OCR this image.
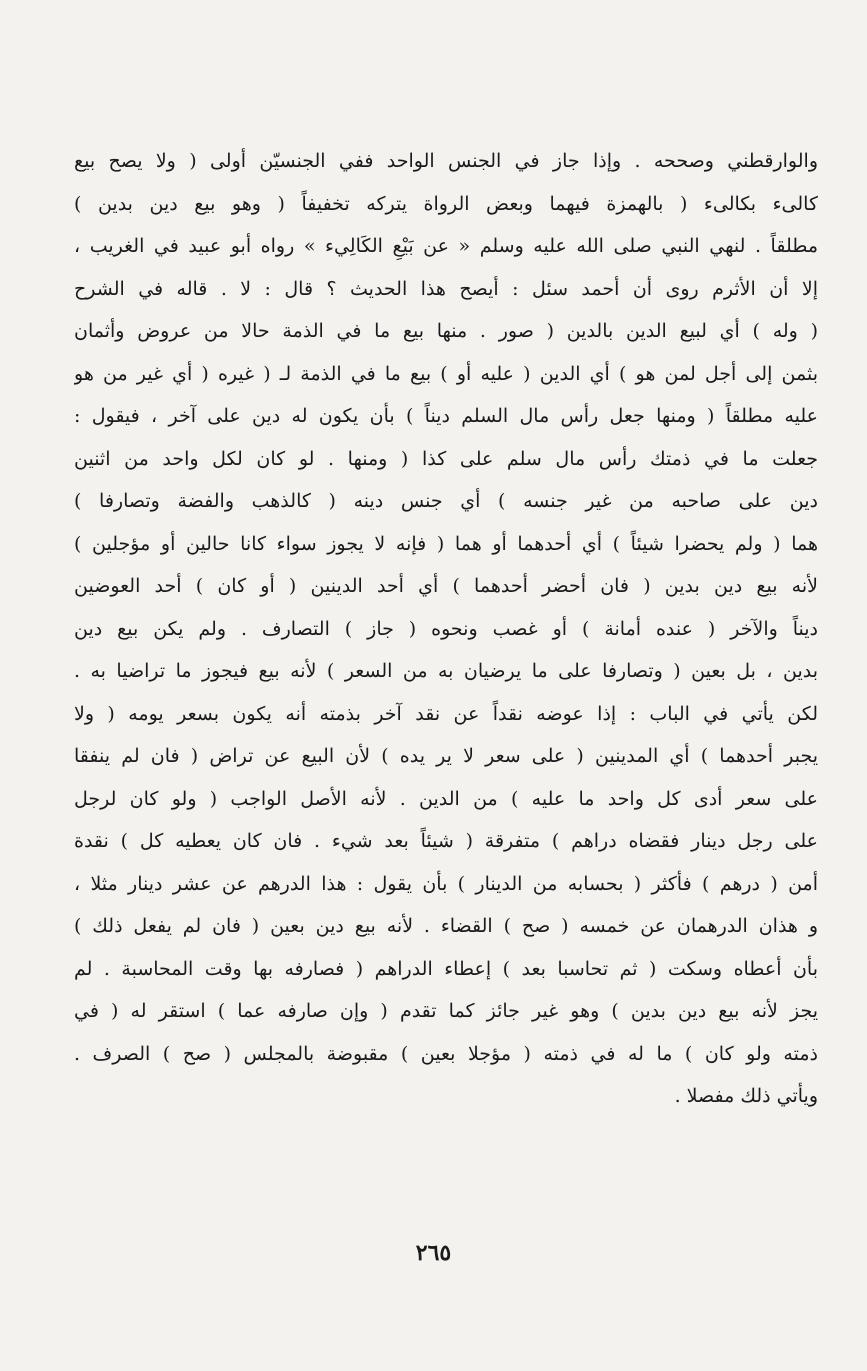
والوارقطني وصححه . وإذا جاز في الجنس الواحد ففي الجنسيّن أولى ( ولا يصح بيع
كالىء بكالىء ( بالهمزة فيهما وبعض الرواة يتركه تخفيفاً ( وهو بيع دين بدين )
مطلقاً . لنهي النبي صلى الله عليه وسلم « عن بَيْعِ الكَالِيء » رواه أبو عبيد في الغريب ،
إلا أن الأثرم روى أن أحمد سئل : أيصح هذا الحديث ؟ قال : لا . قاله في الشرح
( وله ) أي لبيع الدين بالدين ( صور . منها بيع ما في الذمة حالا من عروض وأثمان
بثمن إلى أجل لمن هو ) أي الدين ( عليه أو ) بيع ما في الذمة لـ ( غيره ( أي غير من هو
عليه مطلقاً ( ومنها جعل رأس مال السلم ديناً ) بأن يكون له دين على آخر ، فيقول :
جعلت ما في ذمتك رأس مال سلم على كذا ( ومنها . لو كان لكل واحد من اثنين
دين على صاحبه من غير جنسه ) أي جنس دينه ( كالذهب والفضة وتصارفا )
هما ( ولم يحضرا شيئاً ) أي أحدهما أو هما ( فإنه لا يجوز سواء كانا حالين أو مؤجلين )
لأنه بيع دين بدين ( فان أحضر أحدهما ) أي أحد الدينين ( أو كان ) أحد العوضين
ديناً والآخر ( عنده أمانة ) أو غصب ونحوه ( جاز ) التصارف . ولم يكن بيع دين
بدين ، بل بعين ( وتصارفا على ما يرضيان به من السعر ) لأنه بيع فيجوز ما تراضيا به .
لكن يأتي في الباب : إذا عوضه نقداً عن نقد آخر بذمته أنه يكون بسعر يومه ( ولا
يجبر أحدهما ) أي المدينين ( على سعر لا ير يده ) لأن البيع عن تراض ( فان لم ينفقا
على سعر أدى كل واحد ما عليه ) من الدين . لأنه الأصل الواجب ( ولو كان لرجل
على رجل دينار فقضاه دراهم ) متفرقة ( شيئاً بعد شيء . فان كان يعطيه كل ) نقدة
أمن ( درهم ) فأكثر ( بحسابه من الدينار ) بأن يقول : هذا الدرهم عن عشر دينار مثلا ،
و هذان الدرهمان عن خمسه ( صح ) القضاء . لأنه بيع دين بعين ( فان لم يفعل ذلك )
بأن أعطاه وسكت ( ثم تحاسبا بعد ) إعطاء الدراهم ( فصارفه بها وقت المحاسبة . لم
يجز لأنه بيع دين بدين ) وهو غير جائز كما تقدم ( وإن صارفه عما ) استقر له ( في
ذمته ولو كان ) ما له في ذمته ( مؤجلا بعين ) مقبوضة بالمجلس ( صح ) الصرف .
ويأتي ذلك مفصلا .
٢٦٥
